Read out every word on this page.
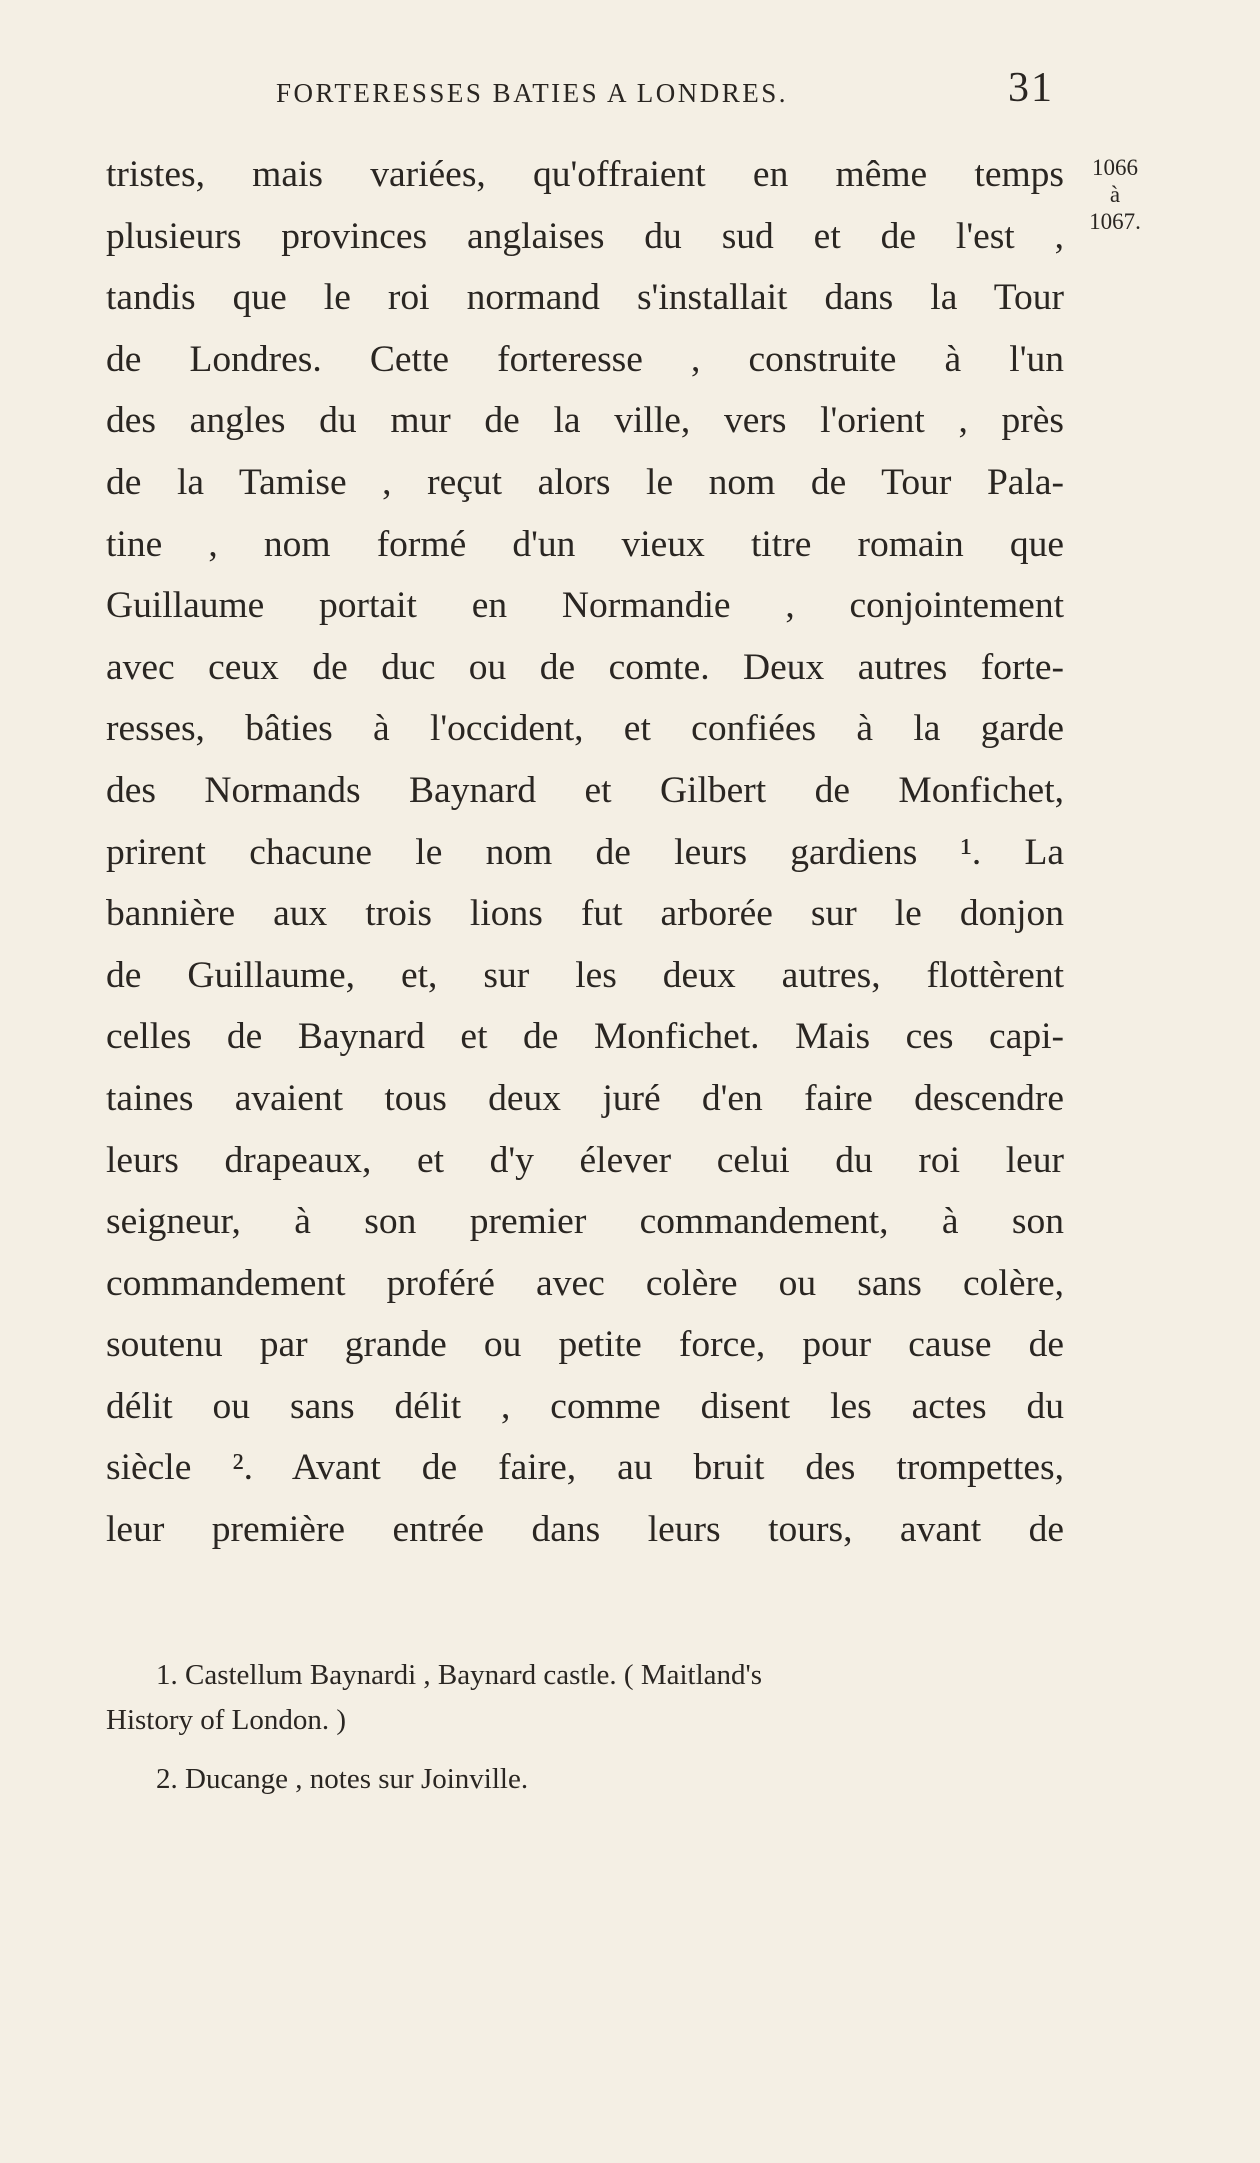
FORTERESSES BATIES A LONDRES.	31
1066
à
1067.
tristes, mais variées, qu'offraient en même temps
plusieurs provinces anglaises du sud et de l'est ,
tandis que le roi normand s'installait dans la Tour
de Londres. Cette forteresse , construite à l'un
des angles du mur de la ville, vers l'orient , près
de la Tamise , reçut alors le nom de Tour Pala-
tine , nom formé d'un vieux titre romain que
Guillaume portait en Normandie , conjointement
avec ceux de duc ou de comte. Deux autres forte-
resses, bâties à l'occident, et confiées à la garde
des Normands Baynard et Gilbert de Monfichet,
prirent chacune le nom de leurs gardiens ¹. La
bannière aux trois lions fut arborée sur le donjon
de Guillaume, et, sur les deux autres, flottèrent
celles de Baynard et de Monfichet. Mais ces capi-
taines avaient tous deux juré d'en faire descendre
leurs drapeaux, et d'y élever celui du roi leur
seigneur, à son premier commandement, à son
commandement proféré avec colère ou sans colère,
soutenu par grande ou petite force, pour cause de
délit ou sans délit , comme disent les actes du
siècle ². Avant de faire, au bruit des trompettes,
leur première entrée dans leurs tours, avant de
1. Castellum Baynardi , Baynard castle. ( Maitland's
History of London. )
2. Ducange , notes sur Joinville.
